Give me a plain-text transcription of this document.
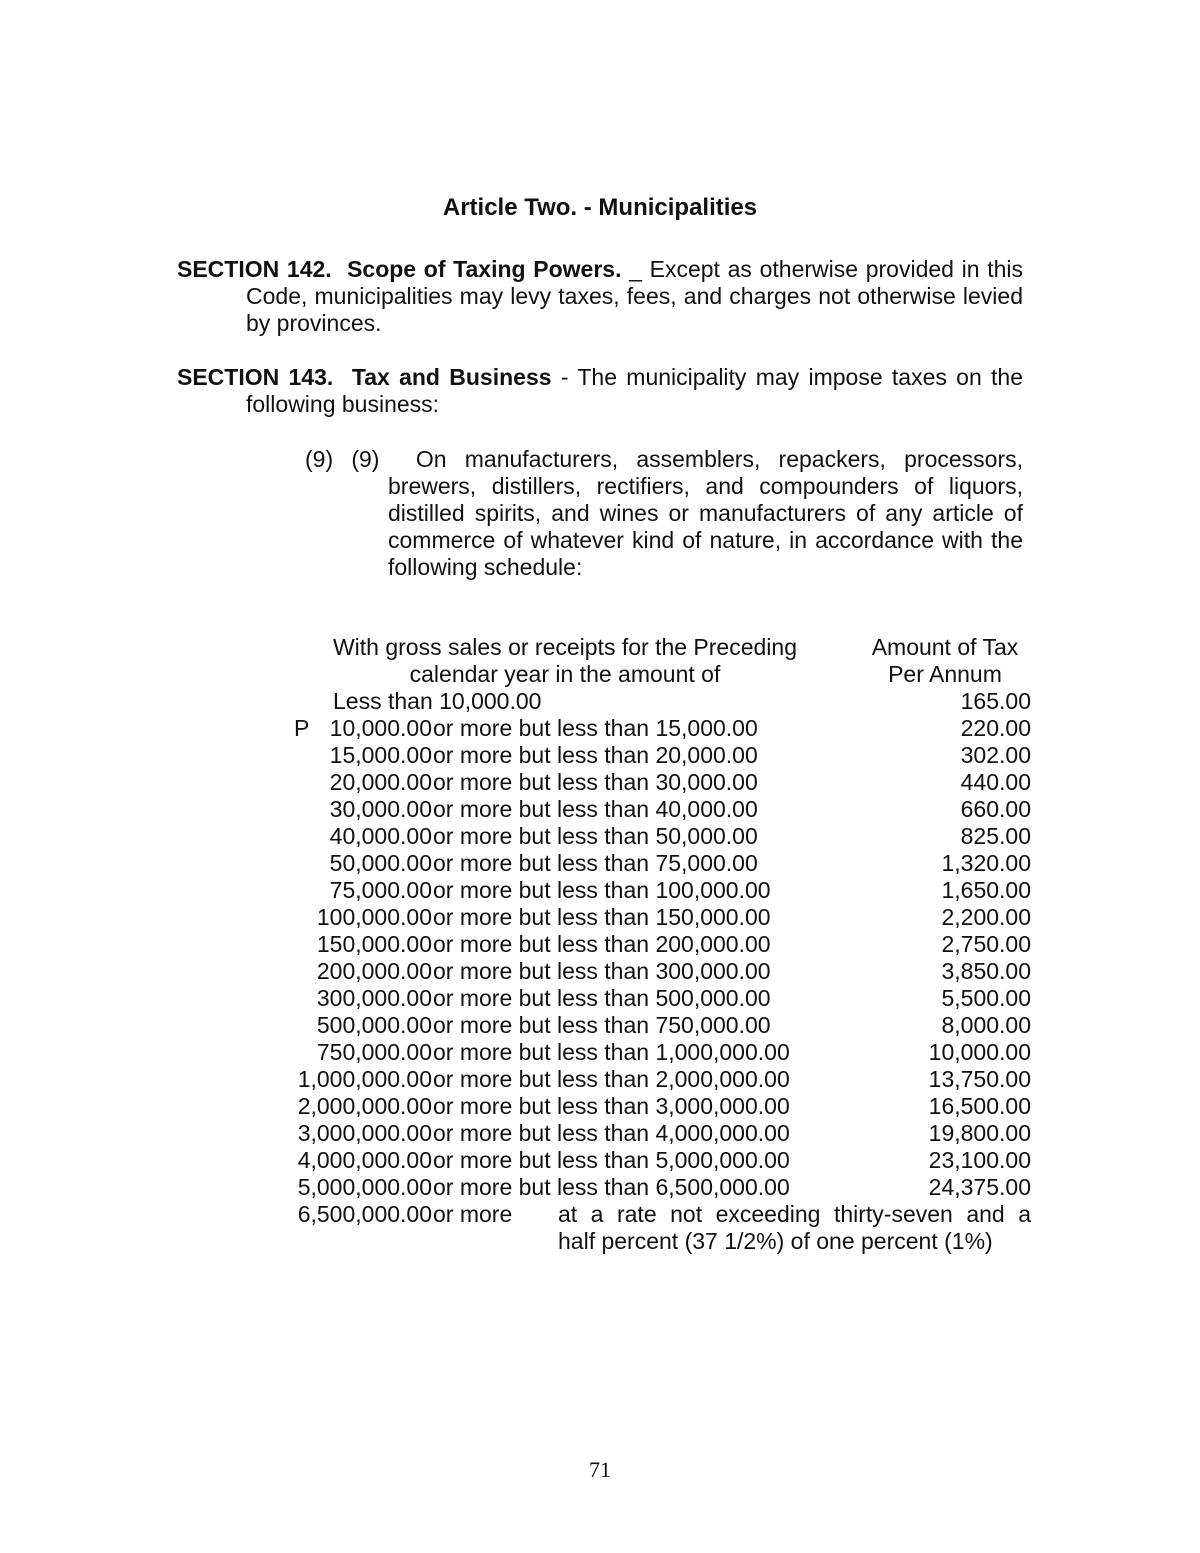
Article Two. - Municipalities
SECTION 142. Scope of Taxing Powers. _ Except as otherwise provided in this Code, municipalities may levy taxes, fees, and charges not otherwise levied by provinces.
SECTION 143. Tax and Business - The municipality may impose taxes on the following business:
(9) (9) On manufacturers, assemblers, repackers, processors, brewers, distillers, rectifiers, and compounders of liquors, distilled spirits, and wines or manufacturers of any article of commerce of whatever kind of nature, in accordance with the following schedule:
With gross sales or receipts for the Preceding
calendar year in the amount of
Amount of Tax
Per Annum
Less than 10,000.00	165.00
P 10,000.00 or more but less than 15,000.00	220.00
15,000.00 or more but less than 20,000.00	302.00
20,000.00 or more but less than 30,000.00	440.00
30,000.00 or more but less than 40,000.00	660.00
40,000.00 or more but less than 50,000.00	825.00
50,000.00 or more but less than 75,000.00	1,320.00
75,000.00 or more but less than 100,000.00	1,650.00
100,000.00 or more but less than 150,000.00	2,200.00
150,000.00 or more but less than 200,000.00	2,750.00
200,000.00 or more but less than 300,000.00	3,850.00
300,000.00 or more but less than 500,000.00	5,500.00
500,000.00 or more but less than 750,000.00	8,000.00
750,000.00 or more but less than 1,000,000.00	10,000.00
1,000,000.00 or more but less than 2,000,000.00	13,750.00
2,000,000.00 or more but less than 3,000,000.00	16,500.00
3,000,000.00 or more but less than 4,000,000.00	19,800.00
4,000,000.00 or more but less than 5,000,000.00	23,100.00
5,000,000.00 or more but less than 6,500,000.00	24,375.00
6,500,000.00 or more at a rate not exceeding thirty-seven and a
half percent (37 1/2%) of one percent (1%)
71
